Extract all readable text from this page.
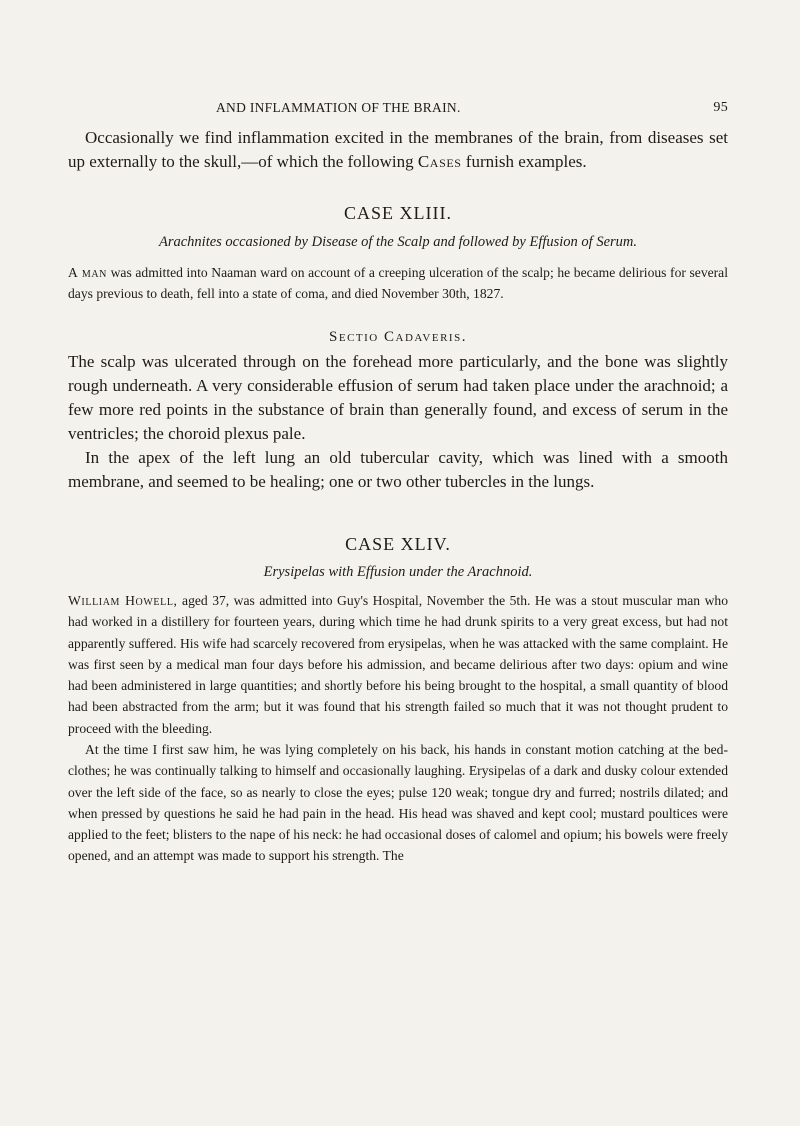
AND INFLAMMATION OF THE BRAIN.	95

Occasionally we find inflammation excited in the membranes of the brain, from diseases set up externally to the skull,—of which the following Cases furnish examples.

CASE XLIII.
Arachnites occasioned by Disease of the Scalp and followed by Effusion of Serum.

A man was admitted into Naaman ward on account of a creeping ulceration of the scalp; he became delirious for several days previous to death, fell into a state of coma, and died November 30th, 1827.

Sectio Cadaveris.

The scalp was ulcerated through on the forehead more particularly, and the bone was slightly rough underneath. A very considerable effusion of serum had taken place under the arachnoid; a few more red points in the substance of brain than generally found, and excess of serum in the ventricles; the choroid plexus pale.

In the apex of the left lung an old tubercular cavity, which was lined with a smooth membrane, and seemed to be healing; one or two other tubercles in the lungs.

CASE XLIV.
Erysipelas with Effusion under the Arachnoid.

William Howell, aged 37, was admitted into Guy's Hospital, November the 5th. He was a stout muscular man who had worked in a distillery for fourteen years, during which time he had drunk spirits to a very great excess, but had not apparently suffered. His wife had scarcely recovered from erysipelas, when he was attacked with the same complaint. He was first seen by a medical man four days before his admission, and became delirious after two days: opium and wine had been administered in large quantities; and shortly before his being brought to the hospital, a small quantity of blood had been abstracted from the arm; but it was found that his strength failed so much that it was not thought prudent to proceed with the bleeding.

At the time I first saw him, he was lying completely on his back, his hands in constant motion catching at the bed-clothes; he was continually talking to himself and occasionally laughing. Erysipelas of a dark and dusky colour extended over the left side of the face, so as nearly to close the eyes; pulse 120 weak; tongue dry and furred; nostrils dilated; and when pressed by questions he said he had pain in the head. His head was shaved and kept cool; mustard poultices were applied to the feet; blisters to the nape of his neck: he had occasional doses of calomel and opium; his bowels were freely opened, and an attempt was made to support his strength. The
